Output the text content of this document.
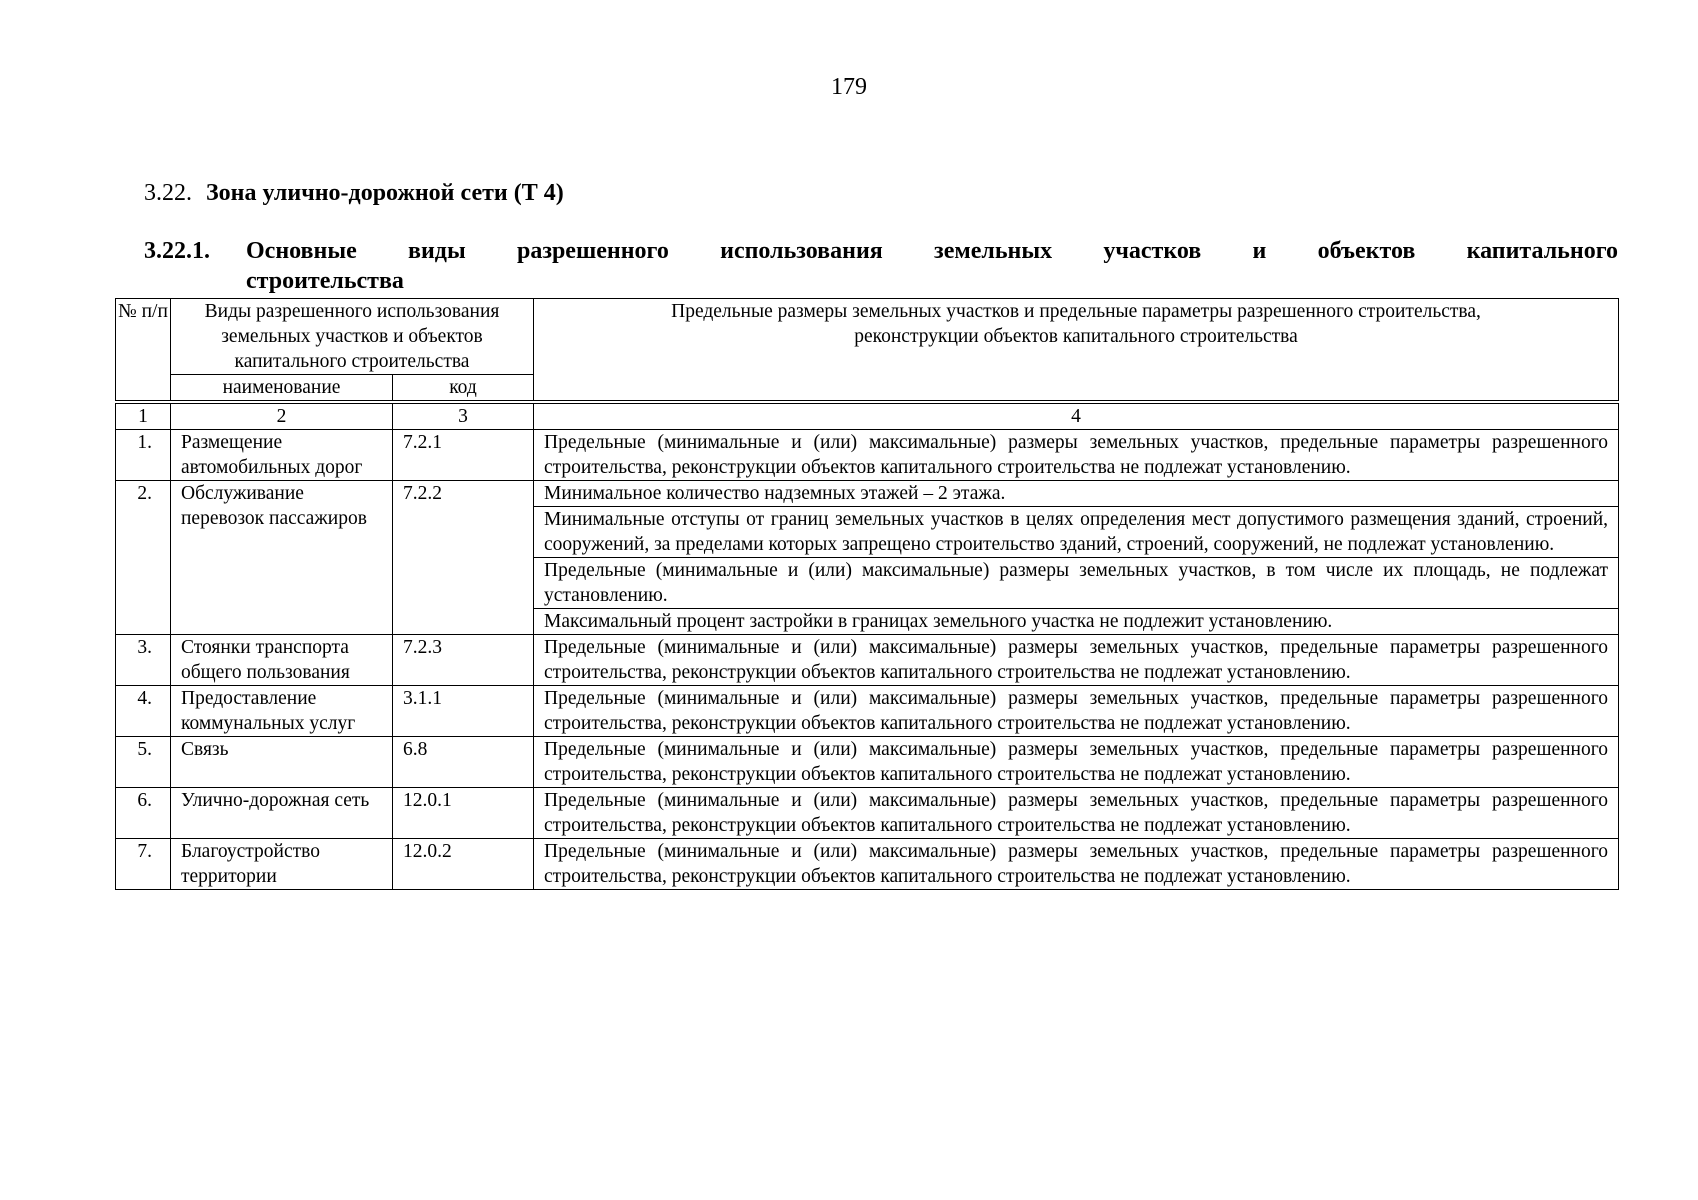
179
3.22. Зона улично-дорожной сети (Т 4)
3.22.1. Основные виды разрешенного использования земельных участков и объектов капитального
строительства
№ п/п	Виды разрешенного использования земельных участков и объектов капитального строительства		Предельные размеры земельных участков и предельные параметры разрешенного строительства, реконструкции объектов капитального строительства
	наименование	код	
1	2	3	4
1.	Размещение автомобильных дорог	7.2.1	Предельные (минимальные и (или) максимальные) размеры земельных участков, предельные параметры разрешенного строительства, реконструкции объектов капитального строительства не подлежат установлению.
2.	Обслуживание перевозок пассажиров	7.2.2	Минимальное количество надземных этажей – 2 этажа.
			Минимальные отступы от границ земельных участков в целях определения мест допустимого размещения зданий, строений, сооружений, за пределами которых запрещено строительство зданий, строений, сооружений, не подлежат установлению.
			Предельные (минимальные и (или) максимальные) размеры земельных участков, в том числе их площадь, не подлежат установлению.
			Максимальный процент застройки в границах земельного участка не подлежит установлению.
3.	Стоянки транспорта общего пользования	7.2.3	Предельные (минимальные и (или) максимальные) размеры земельных участков, предельные параметры разрешенного строительства, реконструкции объектов капитального строительства не подлежат установлению.
4.	Предоставление коммунальных услуг	3.1.1	Предельные (минимальные и (или) максимальные) размеры земельных участков, предельные параметры разрешенного строительства, реконструкции объектов капитального строительства не подлежат установлению.
5.	Связь	6.8	Предельные (минимальные и (или) максимальные) размеры земельных участков, предельные параметры разрешенного строительства, реконструкции объектов капитального строительства не подлежат установлению.
6.	Улично-дорожная сеть	12.0.1	Предельные (минимальные и (или) максимальные) размеры земельных участков, предельные параметры разрешенного строительства, реконструкции объектов капитального строительства не подлежат установлению.
7.	Благоустройство территории	12.0.2	Предельные (минимальные и (или) максимальные) размеры земельных участков, предельные параметры разрешенного строительства, реконструкции объектов капитального строительства не подлежат установлению.
